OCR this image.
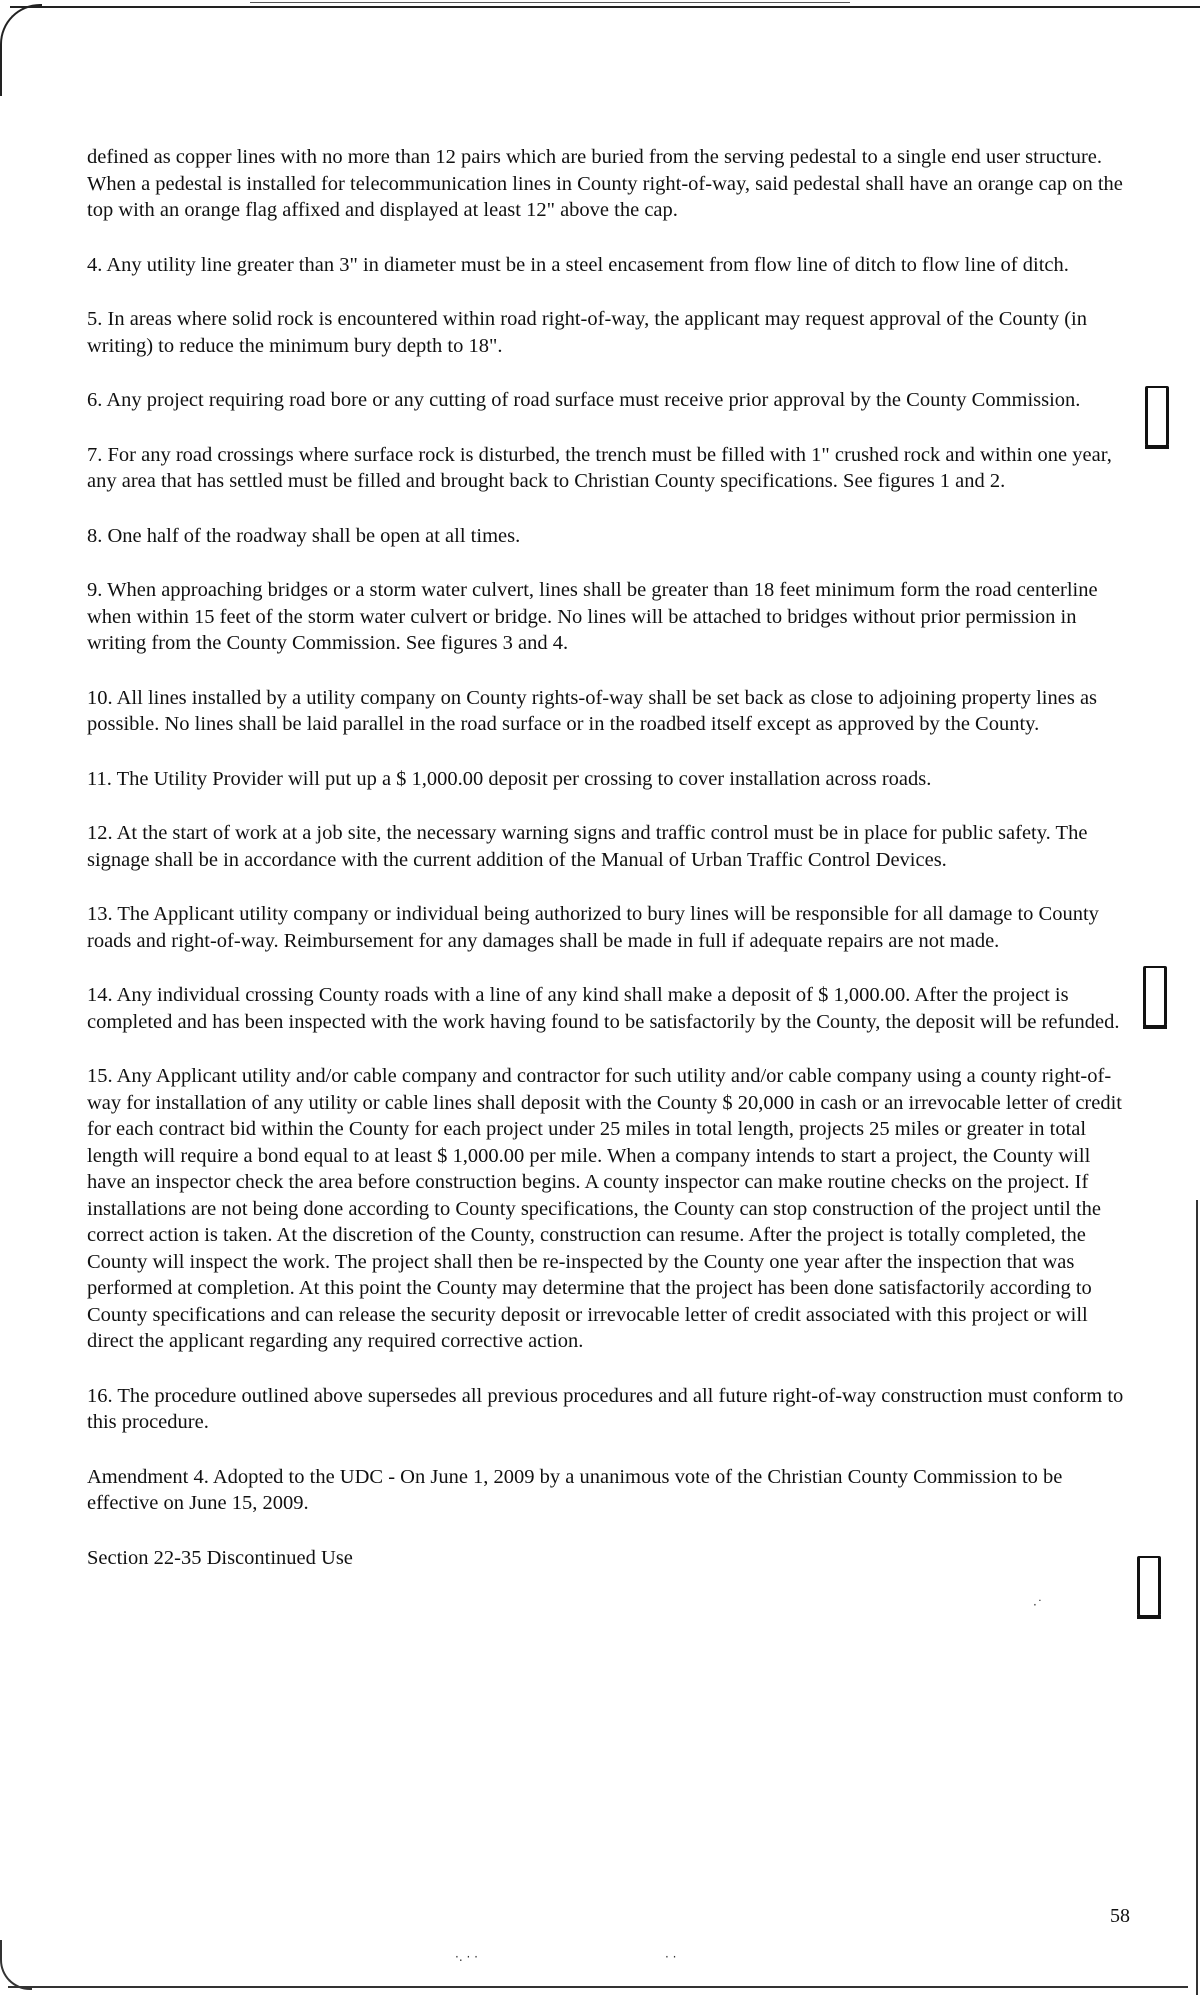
·˙
·. · ·	· ·

defined as copper lines with no more than 12 pairs which are buried from the serving pedestal to a single end user structure. When a pedestal is installed for telecommunication lines in County right-of-way, said pedestal shall have an orange cap on the top with an orange flag affixed and displayed at least 12" above the cap.

4. Any utility line greater than 3" in diameter must be in a steel encasement from flow line of ditch to flow line of ditch.

5. In areas where solid rock is encountered within road right-of-way, the applicant may request approval of the County (in writing) to reduce the minimum bury depth to 18".

6. Any project requiring road bore or any cutting of road surface must receive prior approval by the County Commission.

7. For any road crossings where surface rock is disturbed, the trench must be filled with 1" crushed rock and within one year, any area that has settled must be filled and brought back to Christian County specifications. See figures 1 and 2.

8. One half of the roadway shall be open at all times.

9. When approaching bridges or a storm water culvert, lines shall be greater than 18 feet minimum form the road centerline when within 15 feet of the storm water culvert or bridge. No lines will be attached to bridges without prior permission in writing from the County Commission. See figures 3 and 4.

10. All lines installed by a utility company on County rights-of-way shall be set back as close to adjoining property lines as possible. No lines shall be laid parallel in the road surface or in the roadbed itself except as approved by the County.

11. The Utility Provider will put up a $ 1,000.00 deposit per crossing to cover installation across roads.

12. At the start of work at a job site, the necessary warning signs and traffic control must be in place for public safety. The signage shall be in accordance with the current addition of the Manual of Urban Traffic Control Devices.

13. The Applicant utility company or individual being authorized to bury lines will be responsible for all damage to County roads and right-of-way. Reimbursement for any damages shall be made in full if adequate repairs are not made.

14. Any individual crossing County roads with a line of any kind shall make a deposit of $ 1,000.00. After the project is completed and has been inspected with the work having found to be satisfactorily by the County, the deposit will be refunded.

15. Any Applicant utility and/or cable company and contractor for such utility and/or cable company using a county right-of-way for installation of any utility or cable lines shall deposit with the County $ 20,000 in cash or an irrevocable letter of credit for each contract bid within the County for each project under 25 miles in total length, projects 25 miles or greater in total length will require a bond equal to at least $ 1,000.00 per mile. When a company intends to start a project, the County will have an inspector check the area before construction begins. A county inspector can make routine checks on the project. If installations are not being done according to County specifications, the County can stop construction of the project until the correct action is taken. At the discretion of the County, construction can resume. After the project is totally completed, the County will inspect the work. The project shall then be re-inspected by the County one year after the inspection that was performed at completion. At this point the County may determine that the project has been done satisfactorily according to County specifications and can release the security deposit or irrevocable letter of credit associated with this project or will direct the applicant regarding any required corrective action.

16. The procedure outlined above supersedes all previous procedures and all future right-of-way construction must conform to this procedure.

Amendment 4. Adopted to the UDC - On June 1, 2009 by a unanimous vote of the Christian County Commission to be effective on June 15, 2009.

Section 22-35 Discontinued Use

58
